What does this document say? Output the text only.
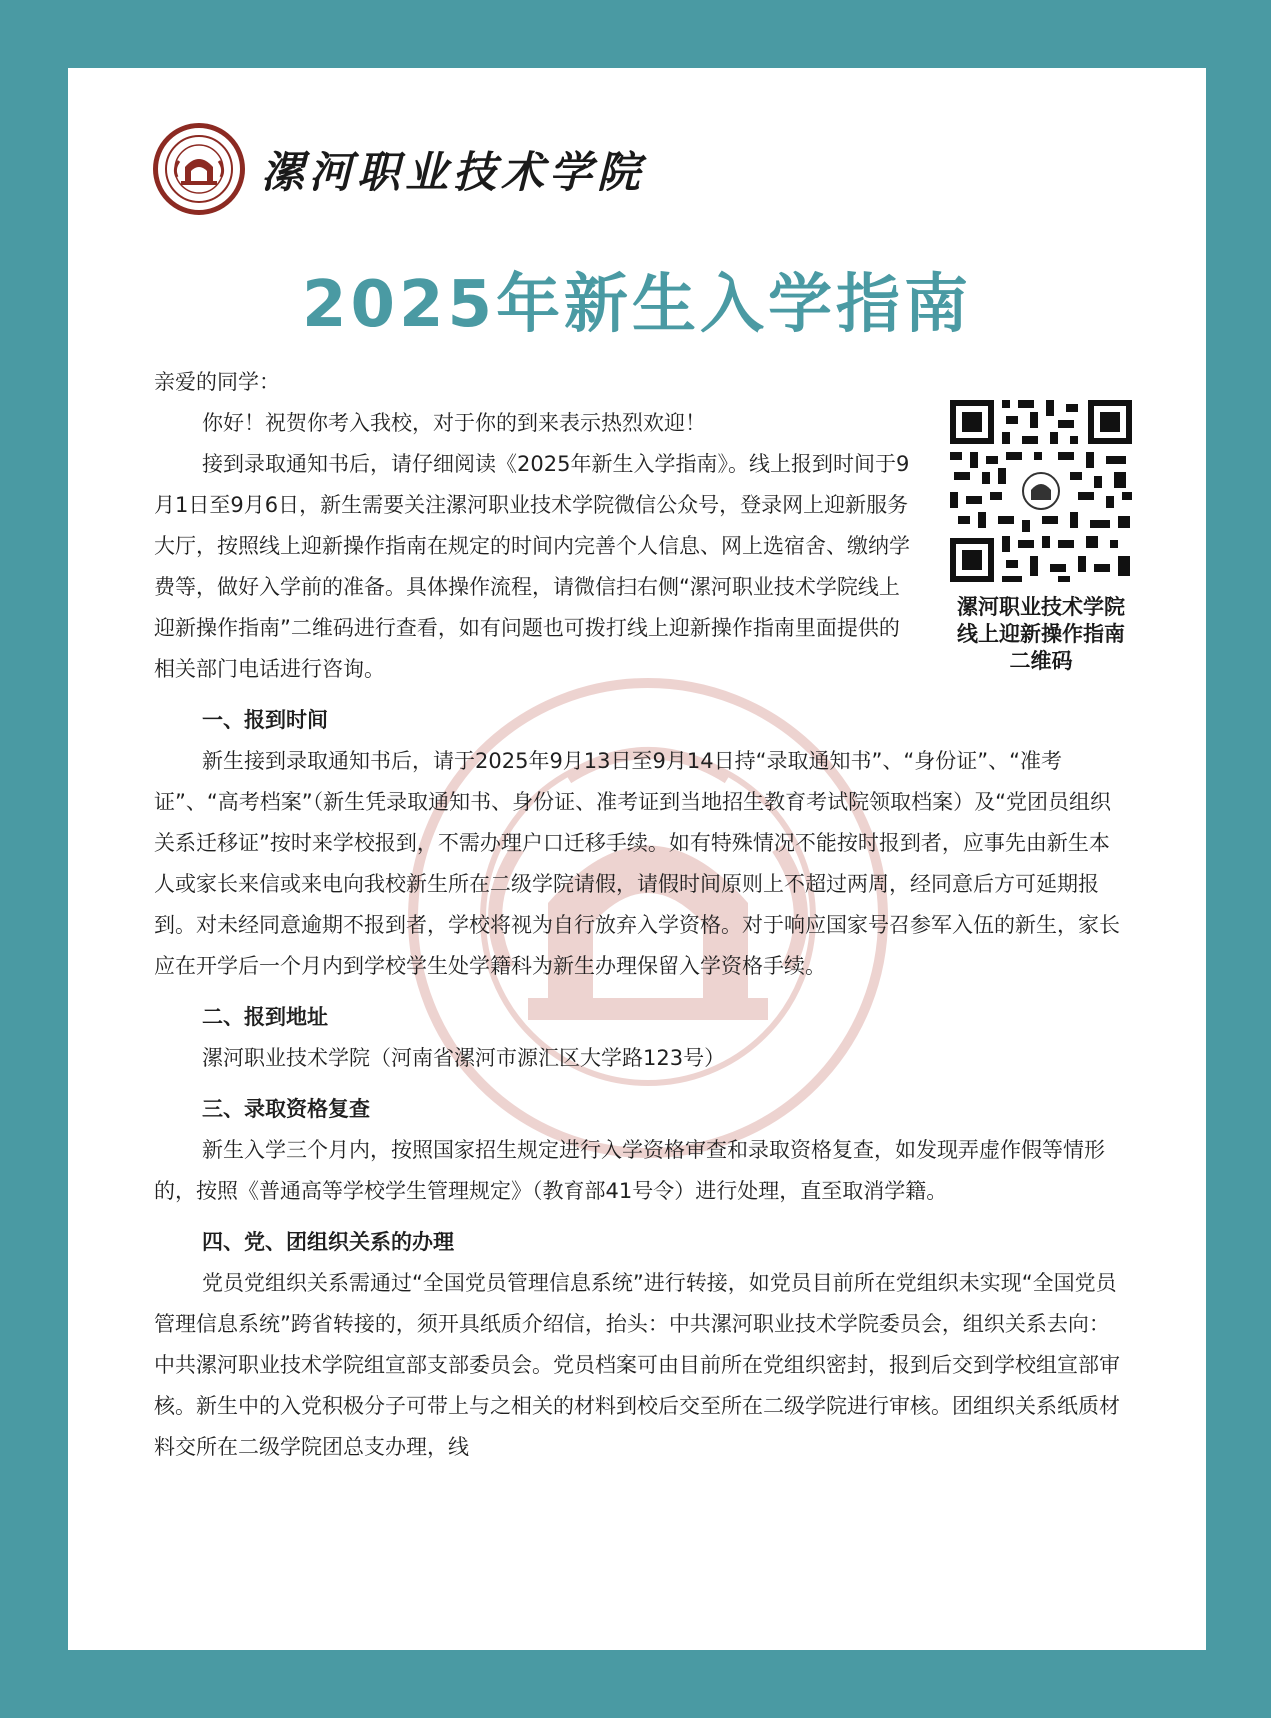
漯河职业技术学院
2025年新生入学指南
漯河职业技术学院
线上迎新操作指南
二维码

亲爱的同学：

你好！祝贺你考入我校，对于你的到来表示热烈欢迎！

接到录取通知书后，请仔细阅读《2025年新生入学指南》。线上报到时间于9月1日至9月6日，新生需要关注漯河职业技术学院微信公众号，登录网上迎新服务大厅，按照线上迎新操作指南在规定的时间内完善个人信息、网上选宿舍、缴纳学费等，做好入学前的准备。具体操作流程，请微信扫右侧“漯河职业技术学院线上迎新操作指南”二维码进行查看，如有问题也可拨打线上迎新操作指南里面提供的相关部门电话进行咨询。

一、报到时间

新生接到录取通知书后，请于2025年9月13日至9月14日持“录取通知书”、“身份证”、“准考证”、“高考档案”（新生凭录取通知书、身份证、准考证到当地招生教育考试院领取档案）及“党团员组织关系迁移证”按时来学校报到，不需办理户口迁移手续。如有特殊情况不能按时报到者，应事先由新生本人或家长来信或来电向我校新生所在二级学院请假，请假时间原则上不超过两周，经同意后方可延期报到。对未经同意逾期不报到者，学校将视为自行放弃入学资格。对于响应国家号召参军入伍的新生，家长应在开学后一个月内到学校学生处学籍科为新生办理保留入学资格手续。

二、报到地址

漯河职业技术学院（河南省漯河市源汇区大学路123号）

三、录取资格复查

新生入学三个月内，按照国家招生规定进行入学资格审查和录取资格复查，如发现弄虚作假等情形的，按照《普通高等学校学生管理规定》（教育部41号令）进行处理，直至取消学籍。

四、党、团组织关系的办理

党员党组织关系需通过“全国党员管理信息系统”进行转接，如党员目前所在党组织未实现“全国党员管理信息系统”跨省转接的，须开具纸质介绍信，抬头：中共漯河职业技术学院委员会，组织关系去向：中共漯河职业技术学院组宣部支部委员会。党员档案可由目前所在党组织密封，报到后交到学校组宣部审核。新生中的入党积极分子可带上与之相关的材料到校后交至所在二级学院进行审核。团组织关系纸质材料交所在二级学院团总支办理，线
